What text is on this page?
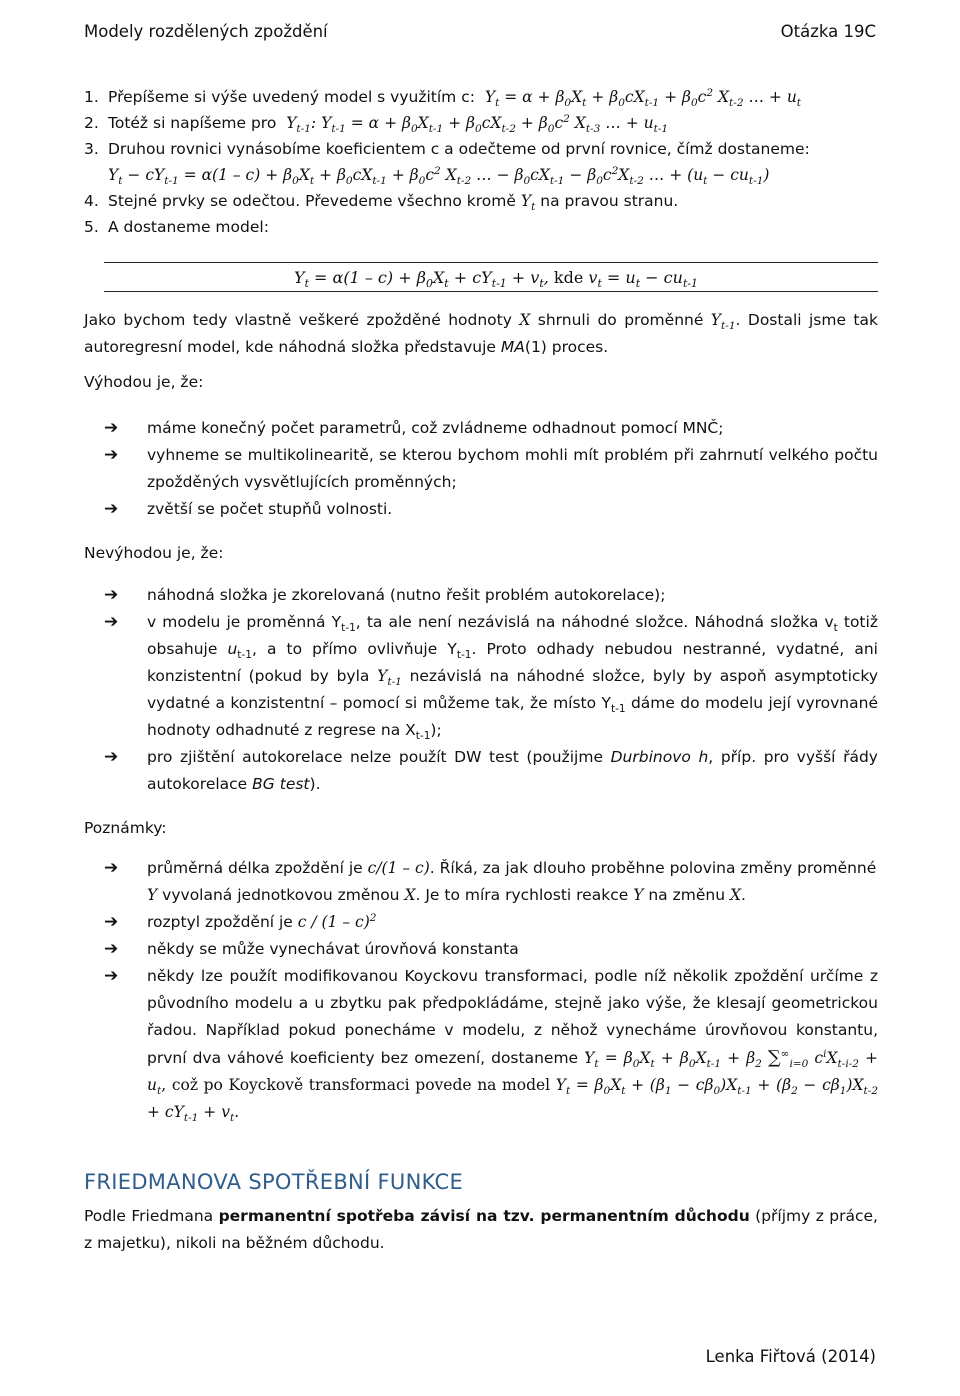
Modely rozdělených zpoždění	Otázka 19C
1. Přepíšeme si výše uvedený model s využitím c: $Y_t = \alpha + \beta_0X_t + \beta_0cX_{t-1} + \beta_0c^2$ $X_{t-2}$ … + $u_t$
2. Totéž si napíšeme pro $Y_{t-1}$: $Y_{t-1} = \alpha + \beta_0X_{t-1} + \beta_0cX_{t-2} + \beta_0c^2$ $X_{t-3}$ … + $u_{t-1}$
3. Druhou rovnici vynásobíme koeficientem c a odečteme od první rovnice, čímž dostaneme:
$Y_t - cY_{t-1} = \alpha(1 - c) + \beta_0X_t + \beta_0cX_{t-1} + \beta_0c^2$ $X_{t-2}$ … − $\beta_0cX_{t-1} - \beta_0c^2X_{t-2}$ … + $(u_t - cu_{t-1})$
4. Stejné prvky se odečtou. Převedeme všechno kromě $Y_t$ na pravou stranu.
5. A dostaneme model:
$Y_t = \alpha(1 - c) + \beta_0X_t + cY_{t-1} + v_t$, kde $v_t = u_t - cu_{t-1}$
Jako bychom tedy vlastně veškeré zpožděné hodnoty X shrnuli do proměnné $Y_{t-1}$. Dostali jsme tak autoregresní model, kde náhodná složka představuje MA(1) proces.
Výhodou je, že:
➔ máme konečný počet parametrů, což zvládneme odhadnout pomocí MNČ;
➔ vyhneme se multikolinearitě, se kterou bychom mohli mít problém při zahrnutí velkého počtu zpožděných vysvětlujících proměnných;
➔ zvětší se počet stupňů volnosti.
Nevýhodou je, že:
➔ náhodná složka je zkorelovaná (nutno řešit problém autokorelace);
➔ v modelu je proměnná $Y_{t-1}$, ta ale není nezávislá na náhodné složce. Náhodná složka $v_t$ totiž obsahuje $u_{t-1}$, a to přímo ovlivňuje $Y_{t-1}$. Proto odhady nebudou nestranné, vydatné, ani konzistentní (pokud by byla $Y_{t-1}$ nezávislá na náhodné složce, byly by aspoň asymptoticky vydatné a konzistentní – pomocí si můžeme tak, že místo $Y_{t-1}$ dáme do modelu její vyrovnané hodnoty odhadnuté z regrese na $X_{t-1}$);
➔ pro zjištění autokorelace nelze použít DW test (použijme Durbinovo h, příp. pro vyšší řády autokorelace BG test).
Poznámky:
➔ průměrná délka zpoždění je c/(1 – c). Říká, za jak dlouho proběhne polovina změny proměnné
Y vyvolaná jednotkovou změnou X. Je to míra rychlosti reakce Y na změnu X.
➔ rozptyl zpoždění je c / (1 – c)$^2$
➔ někdy se může vynechávat úrovňová konstanta
➔ někdy lze použít modifikovanou Koyckovu transformaci, podle níž několik zpoždění určíme z původního modelu a u zbytku pak předpokládáme, stejně jako výše, že klesají geometrickou řadou. Například pokud ponecháme v modelu, z něhož vynecháme úrovňovou konstantu, první dva váhové koeficienty bez omezení, dostaneme $Y_t = \beta_0X_t + \beta_0X_{t-1} + \beta_2$ $\sum^\infty_{i=0}$ $c^iX_{t-i-2} + u_t$, což po Koyckově transformaci povede na model $Y_t = \beta_0X_t + (\beta_1 - c\beta_0)X_{t-1} + (\beta_2 - c\beta_1)X_{t-2} + cY_{t-1} + v_t$.
FRIEDMANOVA SPOTŘEBNÍ FUNKCE
Podle Friedmana permanentní spotřeba závisí na tzv. permanentním důchodu (příjmy z práce, z majetku), nikoli na běžném důchodu.
Lenka Fiřtová (2014)
